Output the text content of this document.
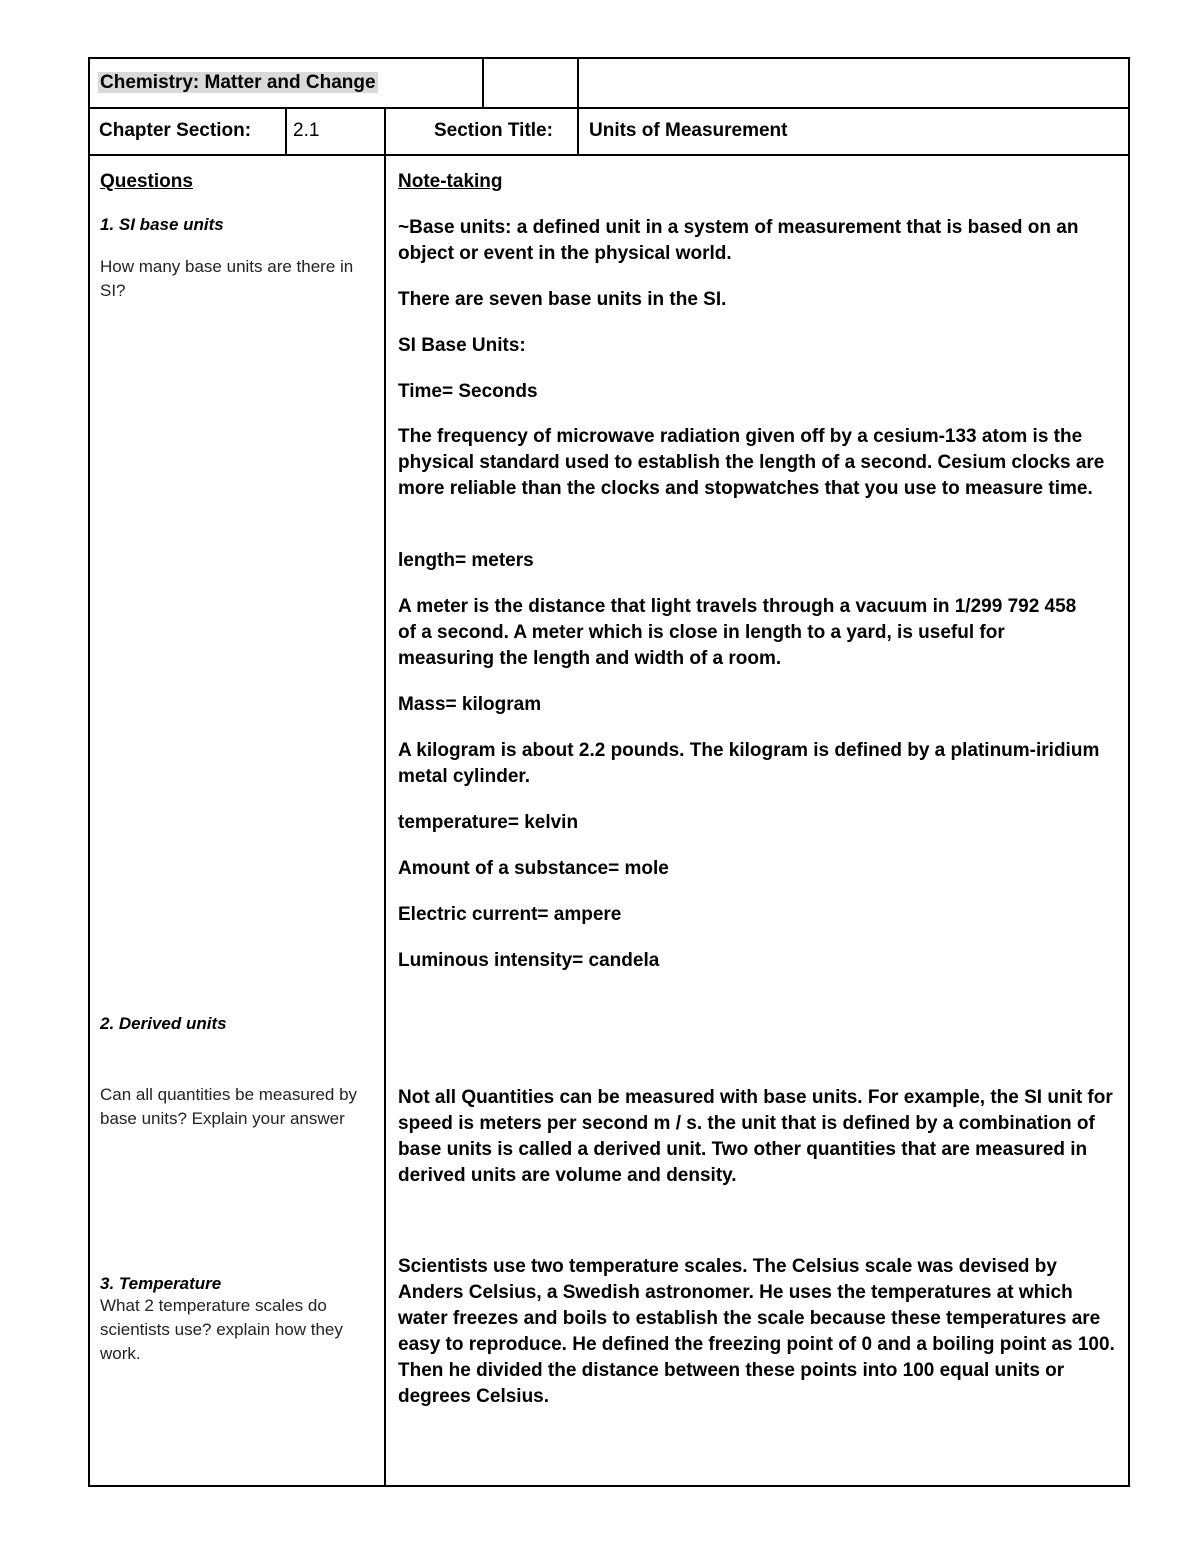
Chemistry: Matter and Change
Chapter Section: 2.1	Section Title: Units of Measurement

Questions

1. SI base units

How many base units are there in SI?

2. Derived units

Can all quantities be measured by base units? Explain your answer

3. Temperature

What 2 temperature scales do scientists use? explain how they work.

Note-taking

~Base units: a defined unit in a system of measurement that is based on an object or event in the physical world.

There are seven base units in the SI.

SI Base Units:

Time= Seconds

The frequency of microwave radiation given off by a cesium-133 atom is the physical standard used to establish the length of a second. Cesium clocks are more reliable than the clocks and stopwatches that you use to measure time.

length= meters

A meter is the distance that light travels through a vacuum in 1/299 792 458 of a second. A meter which is close in length to a yard, is useful for measuring the length and width of a room.

Mass= kilogram

A kilogram is about 2.2 pounds. The kilogram is defined by a platinum-iridium metal cylinder.

temperature= kelvin

Amount of a substance= mole

Electric current= ampere

Luminous intensity= candela

Not all Quantities can be measured with base units. For example, the SI unit for speed is meters per second m / s. the unit that is defined by a combination of base units is called a derived unit. Two other quantities that are measured in derived units are volume and density.

Scientists use two temperature scales. The Celsius scale was devised by Anders Celsius, a Swedish astronomer. He uses the temperatures at which water freezes and boils to establish the scale because these temperatures are easy to reproduce. He defined the freezing point of 0 and a boiling point as 100. Then he divided the distance between these points into 100 equal units or degrees Celsius.
